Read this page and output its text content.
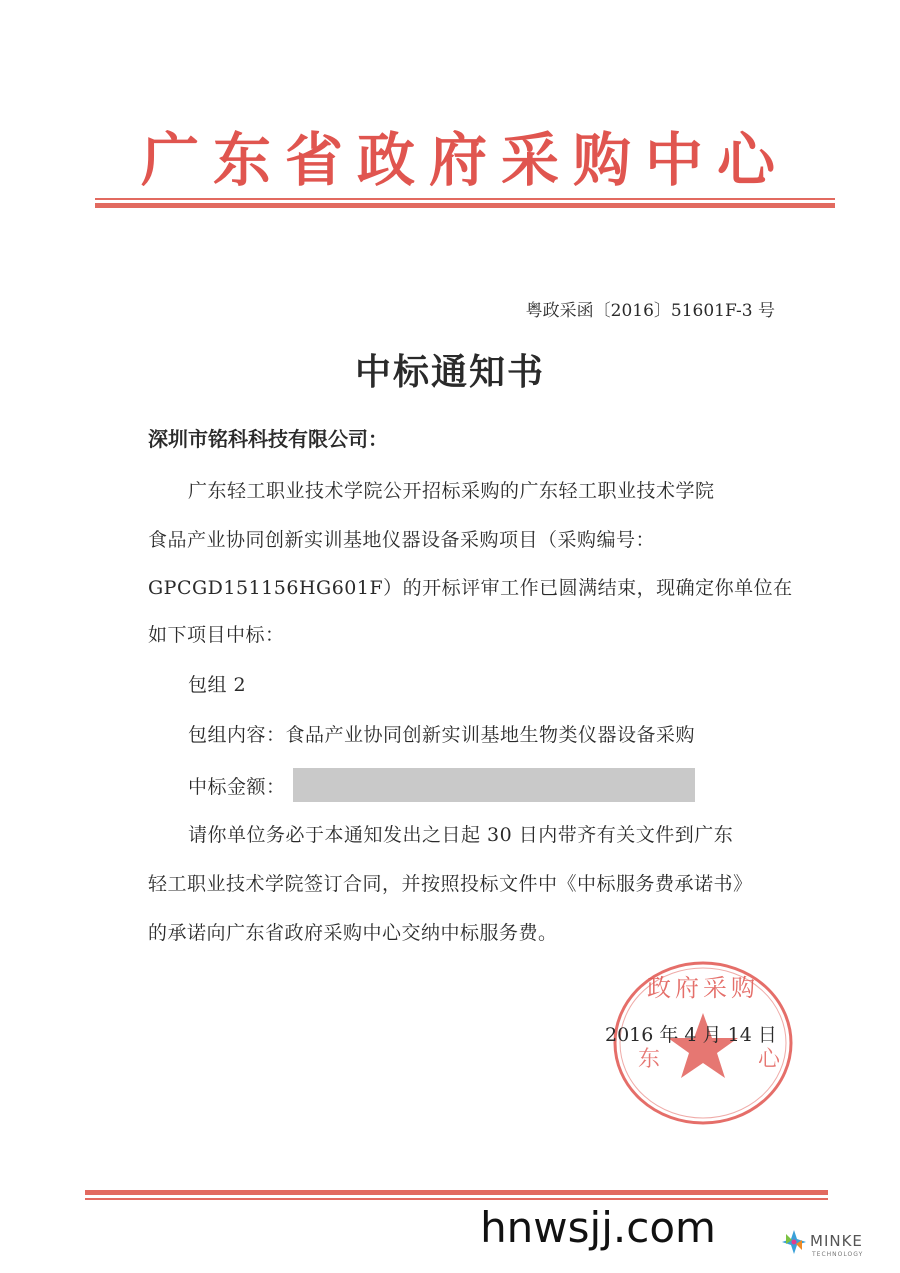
广东省政府采购中心
粤政采函〔2016〕51601F-3 号
中标通知书
深圳市铭科科技有限公司：
广东轻工职业技术学院公开招标采购的广东轻工职业技术学院
食品产业协同创新实训基地仪器设备采购项目（采购编号：
GPCGD151156HG601F）的开标评审工作已圆满结束，现确定你单位在
如下项目中标：
包组 2
包组内容：食品产业协同创新实训基地生物类仪器设备采购
中标金额：
请你单位务必于本通知发出之日起 30 日内带齐有关文件到广东
轻工职业技术学院签订合同，并按照投标文件中《中标服务费承诺书》
的承诺向广东省政府采购中心交纳中标服务费。
政府采购
东	心
2016 年 4 月 14 日
hnwsjj.com	MINKE
TECHNOLOGY
